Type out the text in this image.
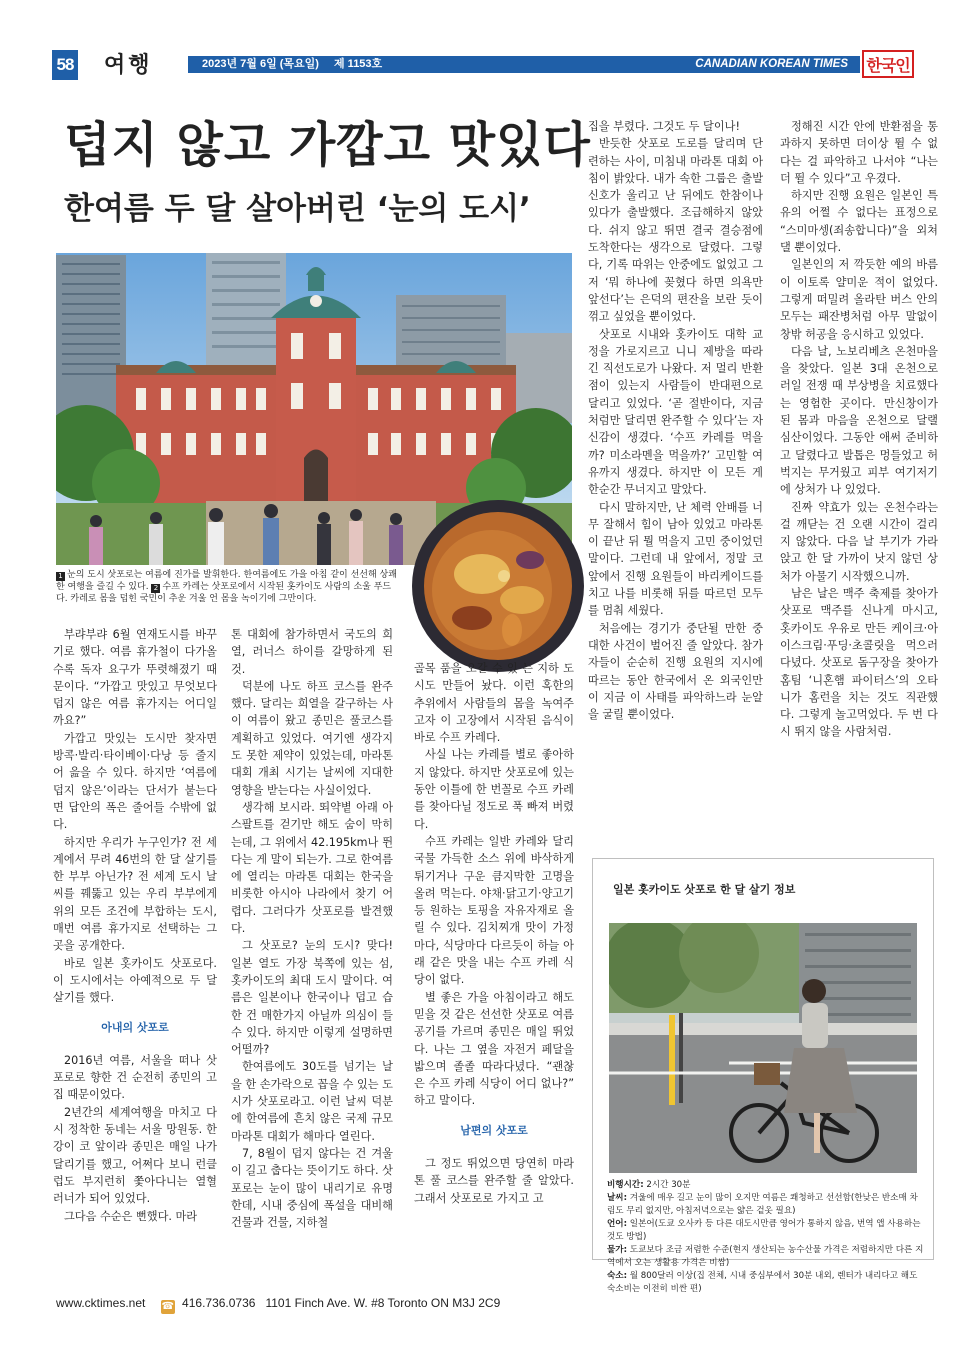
58 여행	2023년 7월 6일 (목요일) 제 1153호	CANADIAN KOREAN TIMES 한국인
덥지 않고 가깝고 맛있다
한여름 두 달 살아버린 ‘눈의 도시’
1 눈의 도시 삿포로는 여름에 진가를 발휘한다. 한여름에도 가을 아침 같이 선선해 상쾌한 여행을 즐길 수 있다. 2 수프 카레는 삿포로에서 시작된 홋카이도 사람의 소울 푸드다. 카레로 몸을 덥힌 국민이 추운 겨울 언 몸을 녹이기에 그만이다.

부랴부랴 6월 연재도시를 바꾸기로 했다. 여름 휴가철이 다가올수록 독자 요구가 뚜렷해졌기 때문이다. “가깝고 맛있고 무엇보다 덥지 않은 여름 휴가지는 어디일까요?”

가깝고 맛있는 도시만 찾자면 방콕·발리·타이베이·다낭 등 줄지어 읊을 수 있다. 하지만 ‘여름에 덥지 않은’이라는 단서가 붙는다면 답안의 폭은 줄어들 수밖에 없다.

하지만 우리가 누구인가? 전 세계에서 무려 46번의 한 달 살기를 한 부부 아닌가? 전 세계 도시 날씨를 꿰뚫고 있는 우리 부부에게 위의 모든 조건에 부합하는 도시, 매번 여름 휴가지로 선택하는 그곳을 공개한다.

바로 일본 홋카이도 삿포로다. 이 도시에서는 아예적으로 두 달 살기를 했다.

아내의 삿포로

2016년 여름, 서울을 떠나 삿포로로 향한 건 순전히 종민의 고집 때문이었다.

2년간의 세계여행을 마치고 다시 정착한 동네는 서울 망원동. 한강이 코 앞이라 종민은 매일 나가 달리기를 했고, 어쩌다 보니 런클럽도 부지런히 쫓아다니는 열혈 러너가 되어 있었다.

그다음 수순은 뻔했다. 마라

톤 대회에 참가하면서 국도의 희열, 러너스 하이를 갈망하게 된 것.

덕분에 나도 하프 코스를 완주했다. 달리는 희열을 갈구하는 사이 여름이 왔고 종민은 풀코스를 계획하고 있었다. 여기엔 생각지도 못한 제약이 있었는데, 마라톤 대회 개최 시기는 날씨에 지대한 영향을 받는다는 사실이었다.

생각해 보시라. 뙤약볕 아래 아스팔트를 걷기만 해도 숨이 막히는데, 그 위에서 42.195km나 뛴다는 게 말이 되는가. 그로 한여름에 열리는 마라톤 대회는 한국을 비롯한 아시아 나라에서 찾기 어렵다. 그러다가 삿포로를 발견했다.

그 삿포로? 눈의 도시? 맞다! 일본 열도 가장 북쪽에 있는 섬, 홋카이도의 최대 도시 말이다. 여름은 일본이나 한국이나 덥고 습한 건 매한가지 아닐까 의심이 들 수 있다. 하지만 이렇게 설명하면 어떨까?

한여름에도 30도를 넘기는 날을 한 손가락으로 꼽을 수 있는 도시가 삿포로라고. 이런 날씨 덕분에 한여름에 흔치 않은 국제 규모 마라톤 대회가 해마다 열린다.

7, 8월이 덥지 않다는 건 겨울이 길고 춥다는 뜻이기도 하다. 삿포로는 눈이 많이 내리기로 유명한데, 시내 중심에 폭설을 대비해 건물과 건물, 지하철

골목 품을 오갈 수 있 는 지하 도시도 만들어 놨다. 이런 혹한의 추위에서 사람들의 몸을 녹여주고자 이 고장에서 시작된 음식이 바로 수프 카레다.

사실 나는 카레를 별로 좋아하지 않았다. 하지만 삿포로에 있는 동안 이틀에 한 번꼴로 수프 카레를 찾아다닐 정도로 푹 빠져 버렸다.

수프 카레는 일반 카레와 달리 국물 가득한 소스 위에 바삭하게 튀기거나 구운 큼지막한 고명을 올려 먹는다. 야채·닭고기·양고기 등 원하는 토핑을 자유자재로 올릴 수 있다. 김치찌개 맛이 가정마다, 식당마다 다르듯이 하늘 아래 같은 맛을 내는 수프 카레 식당이 없다.

별 좋은 가을 아침이라고 해도 믿을 것 같은 선선한 삿포로 여름 공기를 가르며 종민은 매일 뛰었다. 나는 그 옆을 자전거 페달을 밟으며 졸졸 따라다녔다. “괜찮은 수프 카레 식당이 어디 없나?” 하고 말이다.

남편의 삿포로

그 정도 뛰었으면 당연히 마라톤 풀 코스를 완주할 줄 알았다. 그래서 삿포로로 가지고 고

집을 부렸다. 그것도 두 달이나!

반듯한 삿포로 도로를 달리며 단련하는 사이, 미침내 마라톤 대회 아침이 밝았다. 내가 속한 그룹은 출발 신호가 울리고 난 뒤에도 한참이나 있다가 출발했다. 조급해하지 않았다. 쉬지 않고 뛰면 결국 결승점에 도착한다는 생각으로 달렸다. 그렇다, 기록 따위는 안중에도 없었고 그저 ‘뭐 하나에 꽂혔다 하면 의욕만 앞선다’는 은덕의 편잔을 보란 듯이 꺾고 싶었을 뿐이었다.

삿포로 시내와 홋카이도 대학 교정을 가로지르고 니니 제방을 따라 긴 직선도로가 나왔다. 저 멀리 반환점이 있는지 사람들이 반대편으로 달리고 있었다. ‘곧 절반이다, 지금처럼만 달리면 완주할 수 있다’는 자신감이 생겼다. ‘수프 카레를 먹을까? 미소라멘을 먹을까?’ 고민할 여유까지 생겼다. 하지만 이 모든 게 한순간 무너지고 말았다.

다시 말하지만, 난 체력 안배를 너무 잘해서 힘이 남아 있었고 마라톤이 끝난 뒤 뭘 먹을지 고민 중이었던 말이다. 그런데 내 앞에서, 정말 코앞에서 진행 요원들이 바리케이드를 치고 나를 비롯해 뒤를 따르던 모두를 멈춰 세웠다.

처음에는 경기가 중단될 만한 중대한 사건이 벌어진 줄 알았다. 참가자들이 순순히 진행 요원의 지시에 따르는 동안 한국에서 온 외국인만이 지금 이 사태를 파악하느라 눈알을 굴릴 뿐이었다.

정해진 시간 안에 반환점을 통과하지 못하면 더이상 뛸 수 없다는 걸 파악하고 나서야 “나는 더 뛸 수 있다”고 우겼다.

하지만 진행 요원은 일본인 특유의 어쩔 수 없다는 표정으로 “스미마셍(죄송합니다)”을 외쳐 댈 뿐이었다.

일본인의 저 깍듯한 예의 바름이 이토록 얄미운 적이 없었다. 그렇게 떠밀려 올라탄 버스 안의 모두는 패잔병처럼 아무 말없이 창밖 허공을 응시하고 있었다.

다음 날, 노보리베츠 온천마을을 찾았다. 일본 3대 온천으로 러일 전쟁 때 부상병을 치료했다는 영험한 곳이다. 만신창이가 된 몸과 마음을 온천으로 달랠 심산이었다. 그동안 애써 준비하고 달렸다고 발톱은 멍들었고 허벅지는 무거웠고 피부 여기저기에 상처가 나 있었다.

진짜 약효가 있는 온천수라는 걸 깨닫는 건 오랜 시간이 걸리지 않았다. 다음 날 부기가 가라앉고 한 달 가까이 낫지 않던 상처가 아물기 시작했으니까.

남은 날은 맥주 축제를 찾아가 삿포로 맥주를 신나게 마시고, 홋카이도 우유로 만든 케이크·아이스크림·푸딩·초콜릿을 먹으러 다녔다. 삿포로 돔구장을 찾아가 홈팀 ‘니혼햄 파이터스’의 오타니가 홈런을 치는 것도 직관했다. 그렇게 놀고먹었다. 두 번 다시 뛰지 않을 사람처럼.

일본 홋카이도 삿포로 한 달 살기 정보
비행시간: 2시간 30분
날씨: 겨울에 매우 길고 눈이 많이 오지만 여름은 쾌청하고 선선함(한낮은 반소매 차림도 무리 없지만, 아침저녁으로는 얇은 겉옷 필요)
언어: 일본어(도쿄 오사카 등 다른 대도시만큼 영어가 통하지 않음, 번역 앱 사용하는 것도 방법)
물가: 도쿄보다 조금 저렴한 수준(현지 생산되는 농수산물 가격은 저렴하지만 다른 지역에서 오는 생활용 가격은 비쌈)
숙소: 월 800달러 이상(집 전체, 시내 중심부에서 30분 내외, 렌터가 내리다고 해도 숙소비는 이전히 비싼 편)
www.cktimes.net ☎ 416.736.0736 1101 Finch Ave. W. #8 Toronto ON M3J 2C9
